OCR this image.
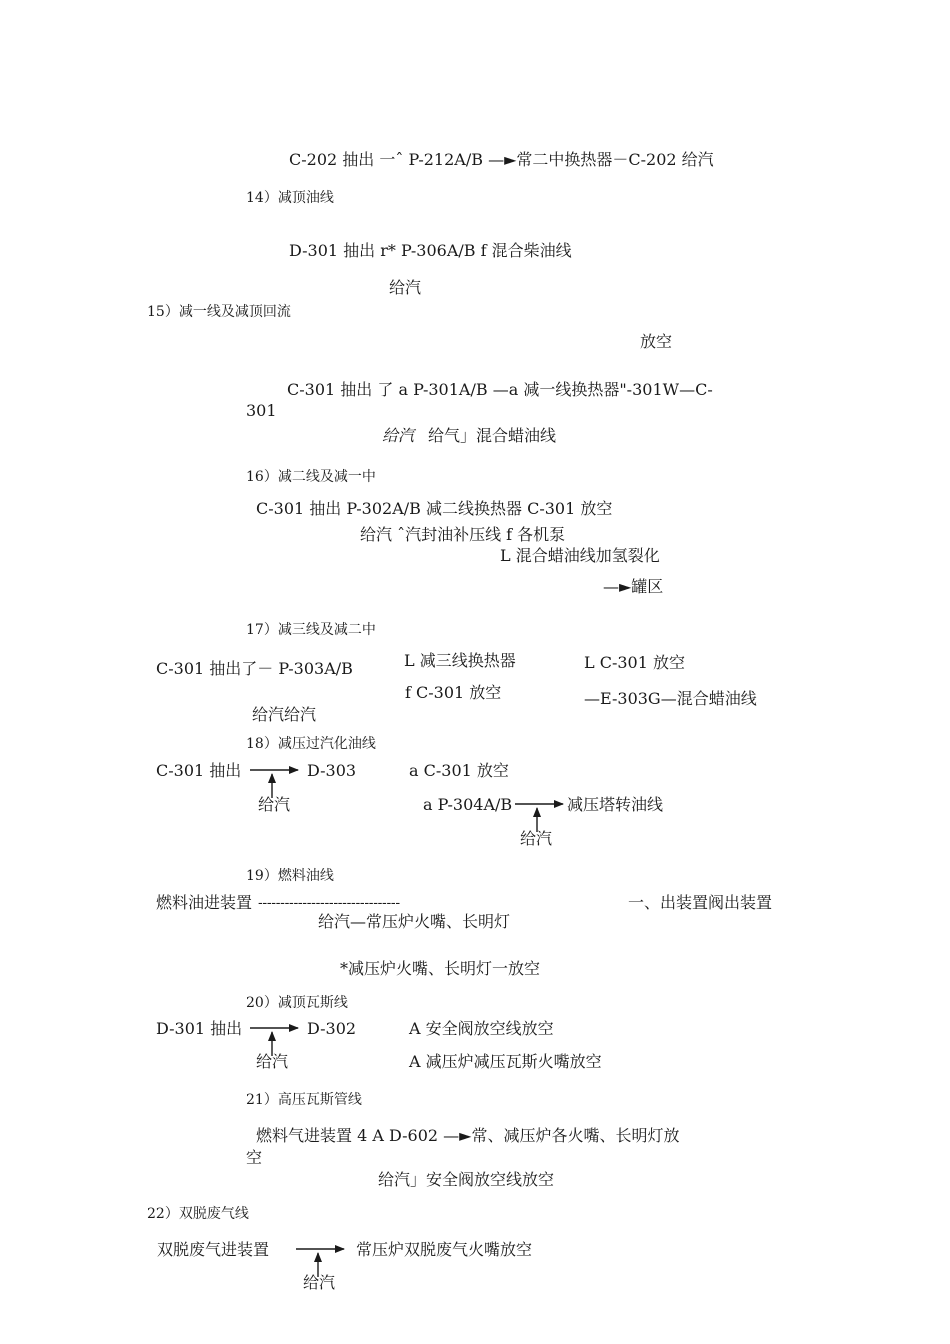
C-202 抽出 一ˆ P-212A/B —►常二中换热器－C-202 给汽
14）减顶油线
D-301 抽出 r* P-306A/B f 混合柴油线
给汽
15）减一线及减顶回流
放空
C-301 抽出 了 a P-301A/B —a 减一线换热器"-301W—C-
301
给汽 给气」混合蜡油线
16）减二线及减一中
C-301 抽出 P-302A/B 减二线换热器 C-301 放空
给汽 ˆ汽封油补压线 f 各机泵
L 混合蜡油线加氢裂化
—►罐区
17）减三线及减二中
C-301 抽出了－ P-303A/B	L 减三线换热器	L C-301 放空
f C-301 放空	—E-303G—混合蜡油线
给汽给汽
18）减压过汽化油线
C-301 抽出	D-303	a C-301 放空
给汽	a P-304A/B	减压塔转油线
给汽
19）燃料油线
燃料油进装置 --------------------------------	一、出装置阀出装置
给汽—常压炉火嘴、长明灯
*减压炉火嘴、长明灯一放空
20）减顶瓦斯线
D-301 抽出	D-302	A 安全阀放空线放空
给汽	A 减压炉减压瓦斯火嘴放空
21）高压瓦斯管线
燃料气进装置 4 A D-602 —►常、减压炉各火嘴、长明灯放
空
给汽」安全阀放空线放空
22）双脱废气线
双脱废气进装置	常压炉双脱废气火嘴放空
给汽
